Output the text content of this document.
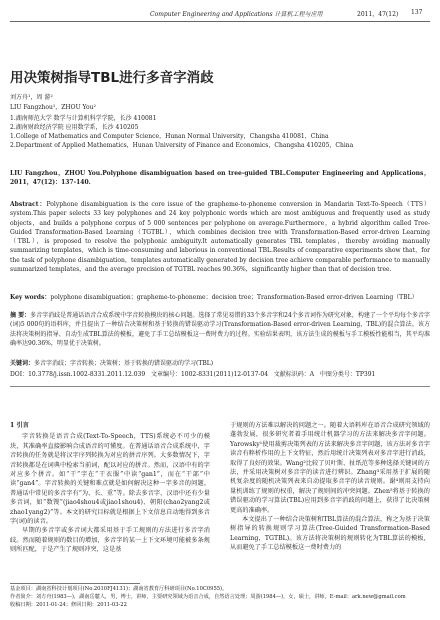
Computer Engineering and Applications 计算机工程与应用	2011，47(12) 137
用决策树指导TBL进行多音字消歧
刘方舟¹，周 游²
LIU Fangzhou¹，ZHOU You²
1.湖南师范大学 数学与计算机科学学院，长沙 410081
2.湖南财政经济学院 应用数学系，长沙 410205
1.College of Mathematics and Computer Science，Hunan Normal University，Changsha 410081，China
2.Department of Applied Mathematics，Hunan University of Finance and Economics，Changsha 410205，China
LIU Fangzhou，ZHOU You.Polyphone disambiguation based on tree-guided TBL.Computer Engineering and Applications，2011，47(12)：137-140.
Abstract：Polyphone disambiguation is the core issue of the grapheme-to-phoneme conversion in Mandarin Text-To-Speech（TTS）system.This paper selects 33 key polyphones and 24 key polyphonic words which are most ambiguous and frequently used as study objects，and builds a polyphone corpus of 5 000 sentences per polyphone on average.Furthermore，a hybrid algorithm called Tree-Guided Transformation-Based Learning（TGTBL），which combines decision tree with Transformation-Based error-driven Learning（TBL），is proposed to resolve the polyphonic ambiguity.It automatically generates TBL templates，thereby avoiding manually summarizing templates，which is time-consuming and laborious in conventional TBL.Results of comparative experiments show that，for the task of polyphone disambiguation，templates automatically generated by decision tree achieve comparable performance to manually summarized templates，and the average precision of TGTBL reaches 90.36%，significantly higher than that of decision tree.
Key words：polyphone disambiguation；grapheme-to-phoneme；decision tree；Transformation-Based error-driven Learning（TBL）
摘 要：多音字消歧是普通话语音合成系统中字音转换模块的核心问题。选择了常见易错的33个多音字和24个多音词作为研究对象，构建了一个平均每个多音字(词)5 000句的语料库，并且提出了一种结合决策树和基于转换的错误驱动学习(Transformation-Based error-driven Learning，TBL)的混合算法。该方法将决策树的指导、自动生成TBL算法的模板，避免了手工总结模板这一费时费力的过程。实验结果表明，该方法生成的模板与手工模板性能相当，其平均准确率达90.36%，明显优于决策树。
关键词：多音字消歧；字音转换；决策树；基于转换的错误驱动的学习(TBL)
DOI：10.3778/j.issn.1002-8331.2011.12.039 文章编号：1002-8331(2011)12-0137-04 文献标识码：A 中图分类号：TP391
1 引言
字音转换是语音合成(Text-To-Speech，TTS)系统必不可少的模块，其准确率直接影响合成语音的可懂度。在普通话语音合成系统中，字音转换的任务就是将汉字序列转换为对应的拼音序列。大多数情况下，字音转换都是在词典中检索当前词，配以对应的拼音。然而，汉语中有的字对应多个拼音。如“干”字在“干衣服”中读“gan1”，而在“干部”中读“gan4”。字音转换的关键和难点就是如何解决这种一字多音的问题。普通话中常见的多音字有“为、长、重”等。除去多音字，汉语中还有少量多音词，如“数馒”(jiao4shou4或jiao1shou4)、朝阳(chao2yang2或zhao1yang2)”等。本文的研究目标就是根据上下文信息自动地得到多音字(词)的读音。
早期的多音字或多音词大都采用基于手工规则的方法进行多音字消歧。然而随着规则的数目的增加，多音字的某一上下文环境可能被多条规则所匹配，于是产生了规则冲突，这是基
于规则的方法难以解决的问题之一。随着大语料库在语音合成研究领域的蓬勃发展，很多研究者着手用统计机器学习的方法来解决多音字问题。Yarowsky¹使用裁剪决策列表的方法来解决多音字问题，该方法对多音字读音有粹析作用的上下文特征，然后用统计决策列表对多音字进行消歧，取得了良好的效果。Wang²比较了贝叶斯、扯纸范等多种选择关键词的方法，并采用决策树对多音字的读音进行辨识。Zhang³采用基于扩展的随机复杂度的随机决策列表来自动提取多音字的读音规则。谢⁴则用支持向量机训练了规则的权重，解决了规则间的冲突问题。Zhen⁵将基于转换的错误驱动的学习算法(TBL)应用到多音字消歧的问题上，获得了比决策树更高的准确率。
本文提出了一种结合决策树和TBL算法的混合算法，称之为基于决策树指导的转换规则学习算法(Tree-Guided Transformation-Based Learning，TGTBL)。该方法将决策树的规则转化为TBL算法的模板，从而避免了手工总结模板这一费时费力的
基金项目：湖南省科技计划项目(No.2010FJ4131)；湖南省教育厅科研项目(No.10C0955)。
作者简介：刘方舟(1983—)，湖南岳麓人，男，博士，讲师，主要研究领域为语音合成，自然语言处理；周游(1984—)，女，硕士，讲师。E-mail：ark.new@gmail.com
收稿日期：2011-01-24；修回日期：2011-03-22
